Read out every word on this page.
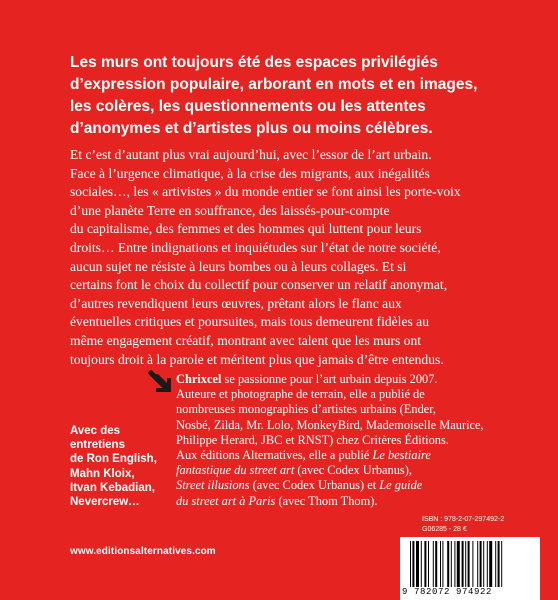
Les murs ont toujours été des espaces privilégiés
d’expression populaire, arborant en mots et en images,
les colères, les questionnements ou les attentes
d’anonymes et d’artistes plus ou moins célèbres.
Et c’est d’autant plus vrai aujourd’hui, avec l’essor de l’art urbain.
Face à l’urgence climatique, à la crise des migrants, aux inégalités
sociales…, les « artivistes » du monde entier se font ainsi les porte-voix
d’une planète Terre en souffrance, des laissés-pour-compte
du capitalisme, des femmes et des hommes qui luttent pour leurs
droits… Entre indignations et inquiétudes sur l’état de notre société,
aucun sujet ne résiste à leurs bombes ou à leurs collages. Et si
certains font le choix du collectif pour conserver un relatif anonymat,
d’autres revendiquent leurs œuvres, prêtant alors le flanc aux
éventuelles critiques et poursuites, mais tous demeurent fidèles au
même engagement créatif, montrant avec talent que les murs ont
toujours droit à la parole et méritent plus que jamais d’être entendus.
Chrixcel se passionne pour l’art urbain depuis 2007.
Auteure et photographe de terrain, elle a publié de
nombreuses monographies d’artistes urbains (Ender,
Nosbé, Zilda, Mr. Lolo, MonkeyBird, Mademoiselle Maurice,
Philippe Herard, JBC et RNST) chez Critères Éditions.
Aux éditions Alternatives, elle a publié Le bestiaire
fantastique du street art (avec Codex Urbanus),
Street illusions (avec Codex Urbanus) et Le guide
du street art à Paris (avec Thom Thom).
Avec des
entretiens
de Ron English,
Mahn Kloix,
Itvan Kebadian,
Nevercrew…
ISBN : 978-2-07-297492-2
G06285 - 28 €
www.editionsalternatives.com
9 782072 974922
